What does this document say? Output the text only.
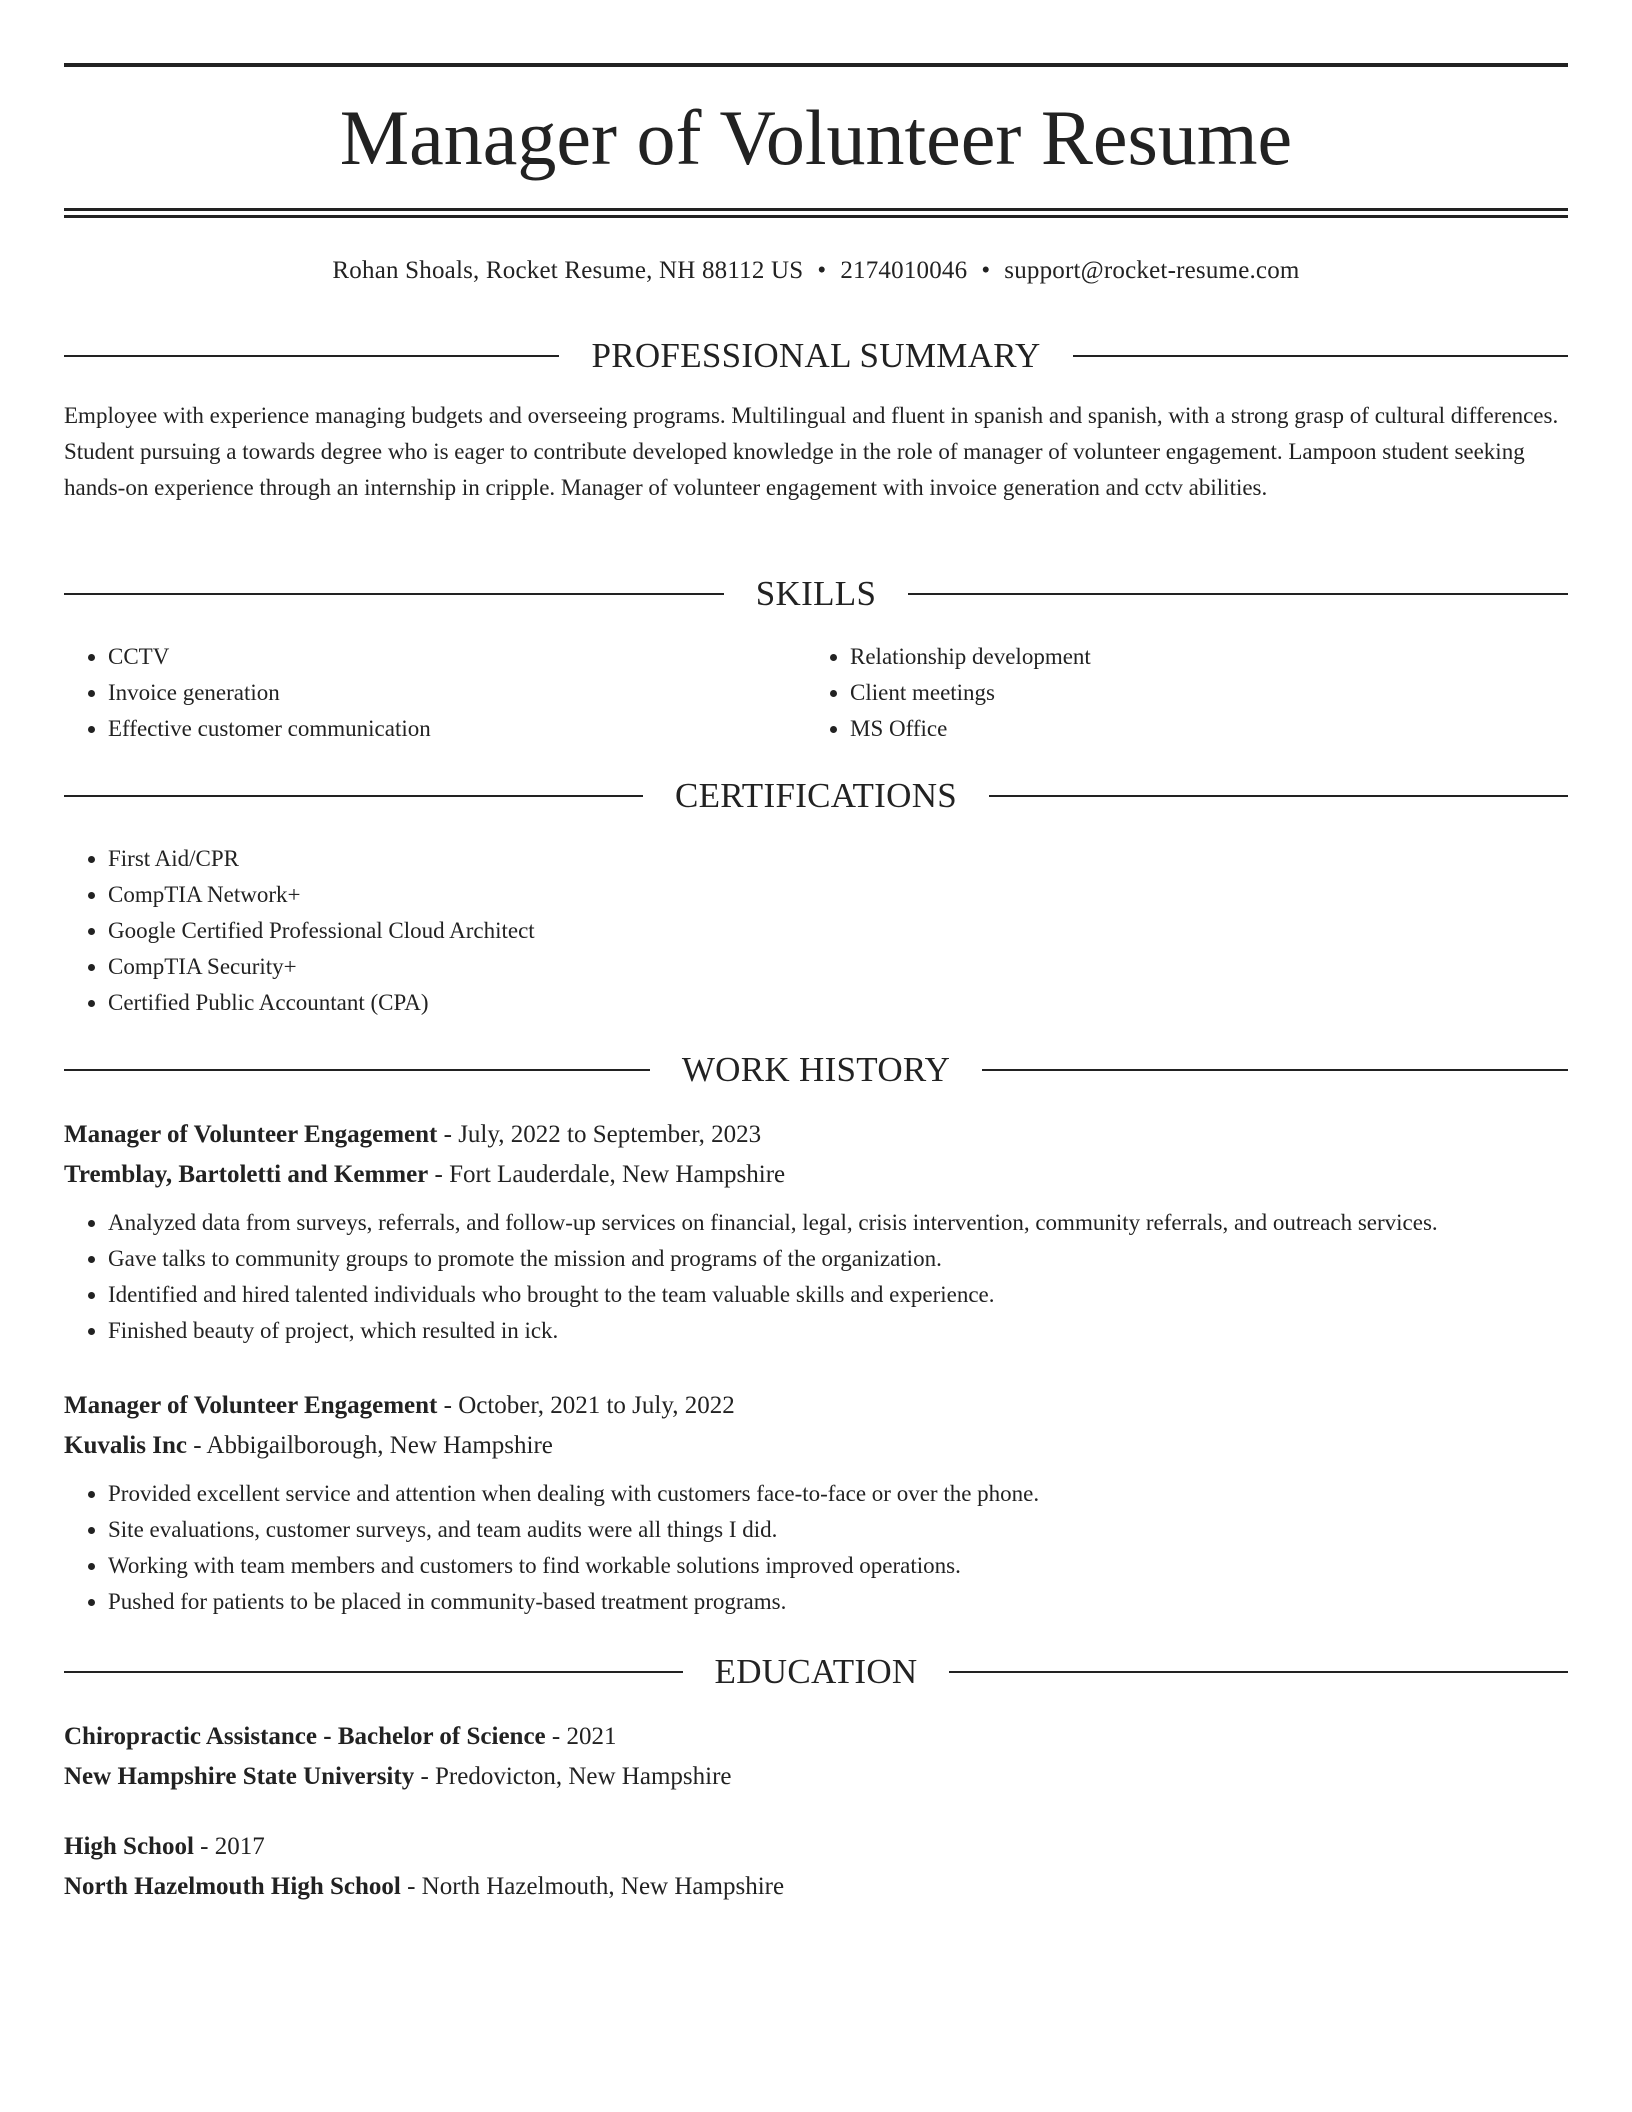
Manager of Volunteer Resume
Rohan Shoals, Rocket Resume, NH 88112 US • 2174010046 • support@rocket-resume.com
PROFESSIONAL SUMMARY

Employee with experience managing budgets and overseeing programs. Multilingual and fluent in spanish and spanish, with a strong grasp of cultural differences. Student pursuing a towards degree who is eager to contribute developed knowledge in the role of manager of volunteer engagement. Lampoon student seeking hands-on experience through an internship in cripple. Manager of volunteer engagement with invoice generation and cctv abilities.

SKILLS
• CCTV
• Invoice generation
• Effective customer communication
• Relationship development
• Client meetings
• MS Office
CERTIFICATIONS
• First Aid/CPR
• CompTIA Network+
• Google Certified Professional Cloud Architect
• CompTIA Security+
• Certified Public Accountant (CPA)
WORK HISTORY
Manager of Volunteer Engagement - July, 2022 to September, 2023
Tremblay, Bartoletti and Kemmer - Fort Lauderdale, New Hampshire
• Analyzed data from surveys, referrals, and follow-up services on financial, legal, crisis intervention, community referrals, and outreach services.
• Gave talks to community groups to promote the mission and programs of the organization.
• Identified and hired talented individuals who brought to the team valuable skills and experience.
• Finished beauty of project, which resulted in ick.
Manager of Volunteer Engagement - October, 2021 to July, 2022
Kuvalis Inc - Abbigailborough, New Hampshire
• Provided excellent service and attention when dealing with customers face-to-face or over the phone.
• Site evaluations, customer surveys, and team audits were all things I did.
• Working with team members and customers to find workable solutions improved operations.
• Pushed for patients to be placed in community-based treatment programs.
EDUCATION
Chiropractic Assistance - Bachelor of Science - 2021
New Hampshire State University - Predovicton, New Hampshire
High School - 2017
North Hazelmouth High School - North Hazelmouth, New Hampshire
